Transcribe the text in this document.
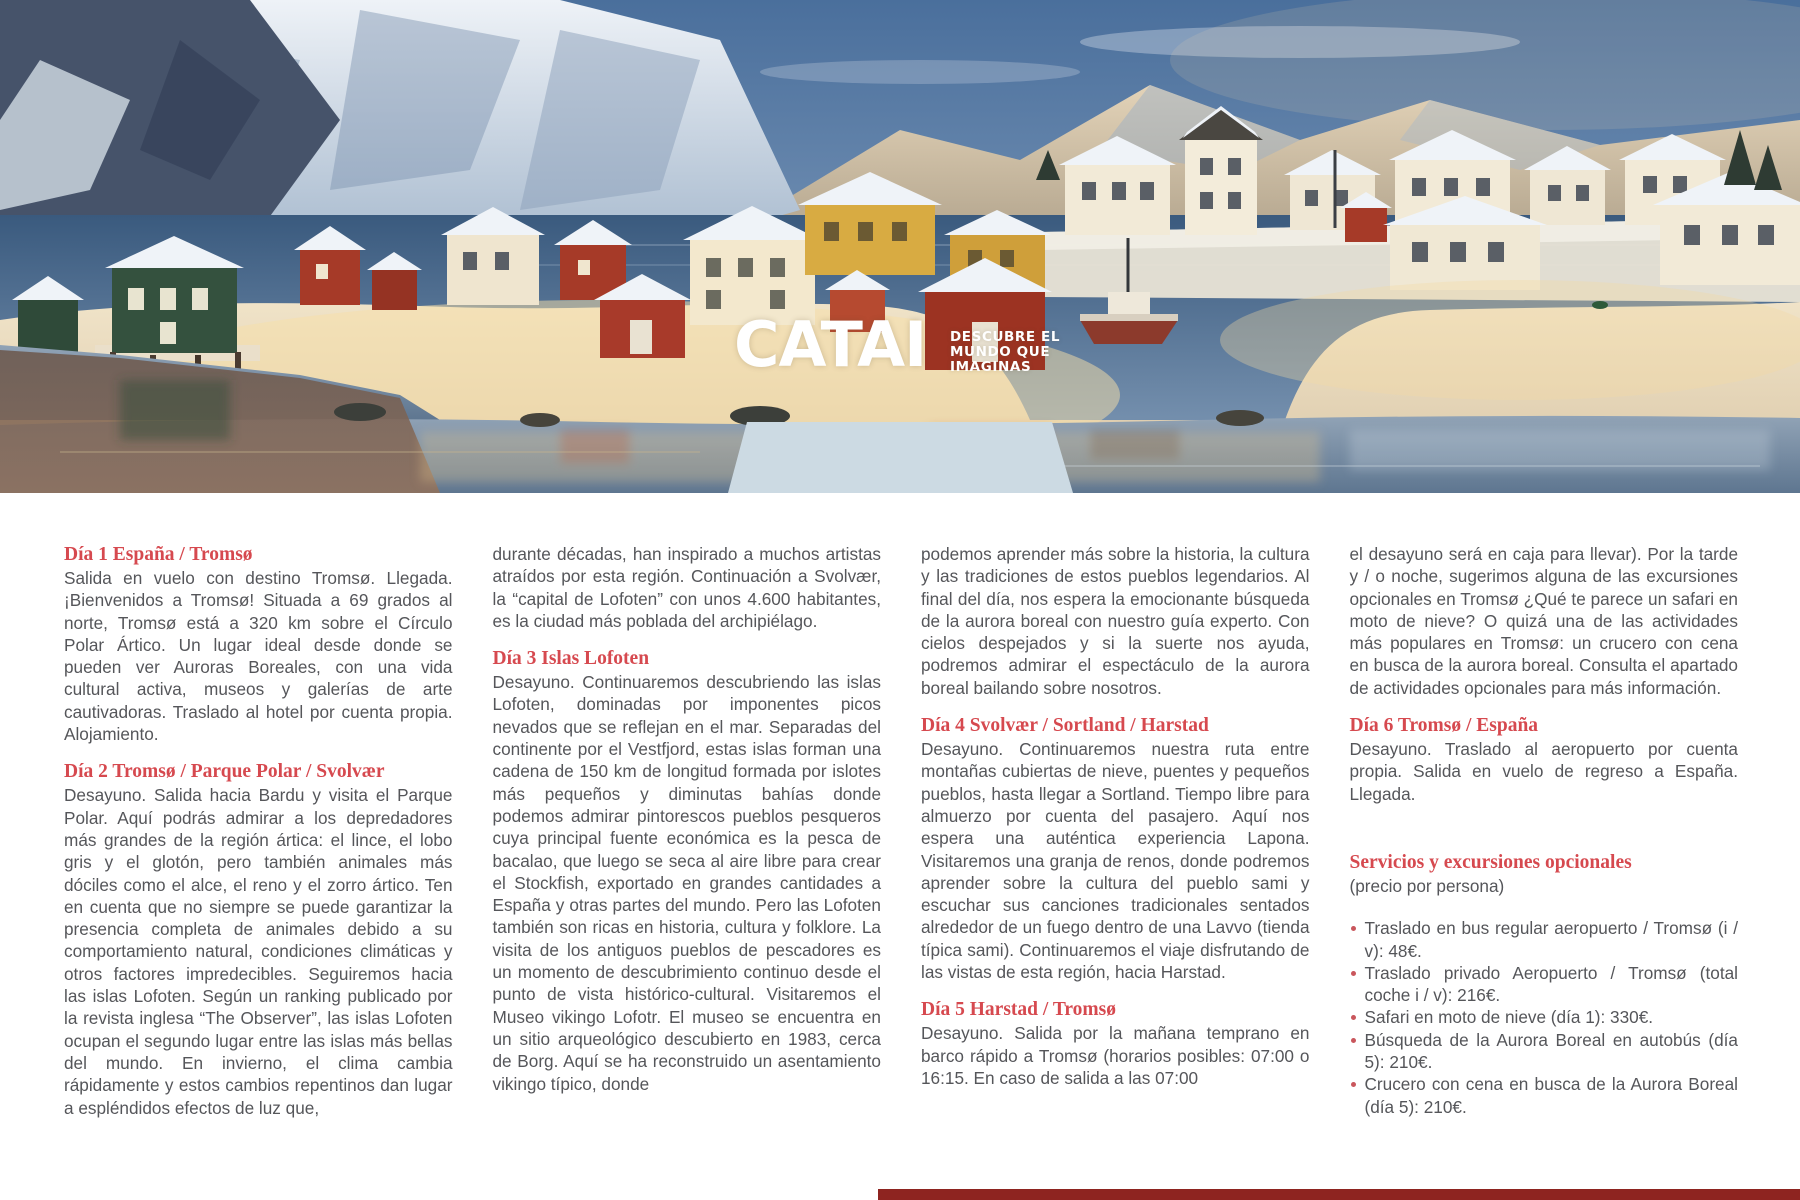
CATAI DESCUBRE EL
MUNDO QUE
IMAGINAS
Día 1 España / Tromsø

Salida en vuelo con destino Tromsø. Llegada. ¡Bienvenidos a Tromsø! Situada a 69 grados al norte, Tromsø está a 320 km sobre el Círculo Polar Ártico. Un lugar ideal desde donde se pueden ver Auroras Boreales, con una vida cultural activa, museos y galerías de arte cautivadoras. Traslado al hotel por cuenta propia. Alojamiento.

Día 2 Tromsø / Parque Polar / Svolvær

Desayuno. Salida hacia Bardu y visita el Parque Polar. Aquí podrás admirar a los depredadores más grandes de la región ártica: el lince, el lobo gris y el glotón, pero también animales más dóciles como el alce, el reno y el zorro ártico. Ten en cuenta que no siempre se puede garantizar la presencia completa de animales debido a su comportamiento natural, condiciones climáticas y otros factores impredecibles. Seguiremos hacia las islas Lofoten. Según un ranking publicado por la revista inglesa “The Observer”, las islas Lofoten ocupan el segundo lugar entre las islas más bellas del mundo. En invierno, el clima cambia rápidamente y estos cambios repentinos dan lugar a espléndidos efectos de luz que,

durante décadas, han inspirado a muchos artistas atraídos por esta región. Continuación a Svolvær, la “capital de Lofoten” con unos 4.600 habitantes, es la ciudad más poblada del archipiélago.

Día 3 Islas Lofoten

Desayuno. Continuaremos descubriendo las islas Lofoten, dominadas por imponentes picos nevados que se reflejan en el mar. Separadas del continente por el Vestfjord, estas islas forman una cadena de 150 km de longitud formada por islotes más pequeños y diminutas bahías donde podemos admirar pintorescos pueblos pesqueros cuya principal fuente económica es la pesca de bacalao, que luego se seca al aire libre para crear el Stockfish, exportado en grandes cantidades a España y otras partes del mundo. Pero las Lofoten también son ricas en historia, cultura y folklore. La visita de los antiguos pueblos de pescadores es un momento de descubrimiento continuo desde el punto de vista histórico-cultural. Visitaremos el Museo vikingo Lofotr. El museo se encuentra en un sitio arqueológico descubierto en 1983, cerca de Borg. Aquí se ha reconstruido un asentamiento vikingo típico, donde

podemos aprender más sobre la historia, la cultura y las tradiciones de estos pueblos legendarios. Al final del día, nos espera la emocionante búsqueda de la aurora boreal con nuestro guía experto. Con cielos despejados y si la suerte nos ayuda, podremos admirar el espectáculo de la aurora boreal bailando sobre nosotros.

Día 4 Svolvær / Sortland / Harstad

Desayuno. Continuaremos nuestra ruta entre montañas cubiertas de nieve, puentes y pequeños pueblos, hasta llegar a Sortland. Tiempo libre para almuerzo por cuenta del pasajero. Aquí nos espera una auténtica experiencia Lapona. Visitaremos una granja de renos, donde podremos aprender sobre la cultura del pueblo sami y escuchar sus canciones tradicionales sentados alrededor de un fuego dentro de una Lavvo (tienda típica sami). Continuaremos el viaje disfrutando de las vistas de esta región, hacia Harstad.

Día 5 Harstad / Tromsø

Desayuno. Salida por la mañana temprano en barco rápido a Tromsø (horarios posibles: 07:00 o 16:15. En caso de salida a las 07:00

el desayuno será en caja para llevar). Por la tarde y / o noche, sugerimos alguna de las excursiones opcionales en Tromsø ¿Qué te parece un safari en moto de nieve? O quizá una de las actividades más populares en Tromsø: un crucero con cena en busca de la aurora boreal. Consulta el apartado de actividades opcionales para más información.

Día 6 Tromsø / España

Desayuno. Traslado al aeropuerto por cuenta propia. Salida en vuelo de regreso a España. Llegada.

Servicios y excursiones opcionales

(precio por persona)

Traslado en bus regular aeropuerto / Tromsø (i / v): 48€.
Traslado privado Aeropuerto / Tromsø (total coche i / v): 216€.
Safari en moto de nieve (día 1): 330€.
Búsqueda de la Aurora Boreal en autobús (día 5): 210€.
Crucero con cena en busca de la Aurora Boreal (día 5): 210€.
